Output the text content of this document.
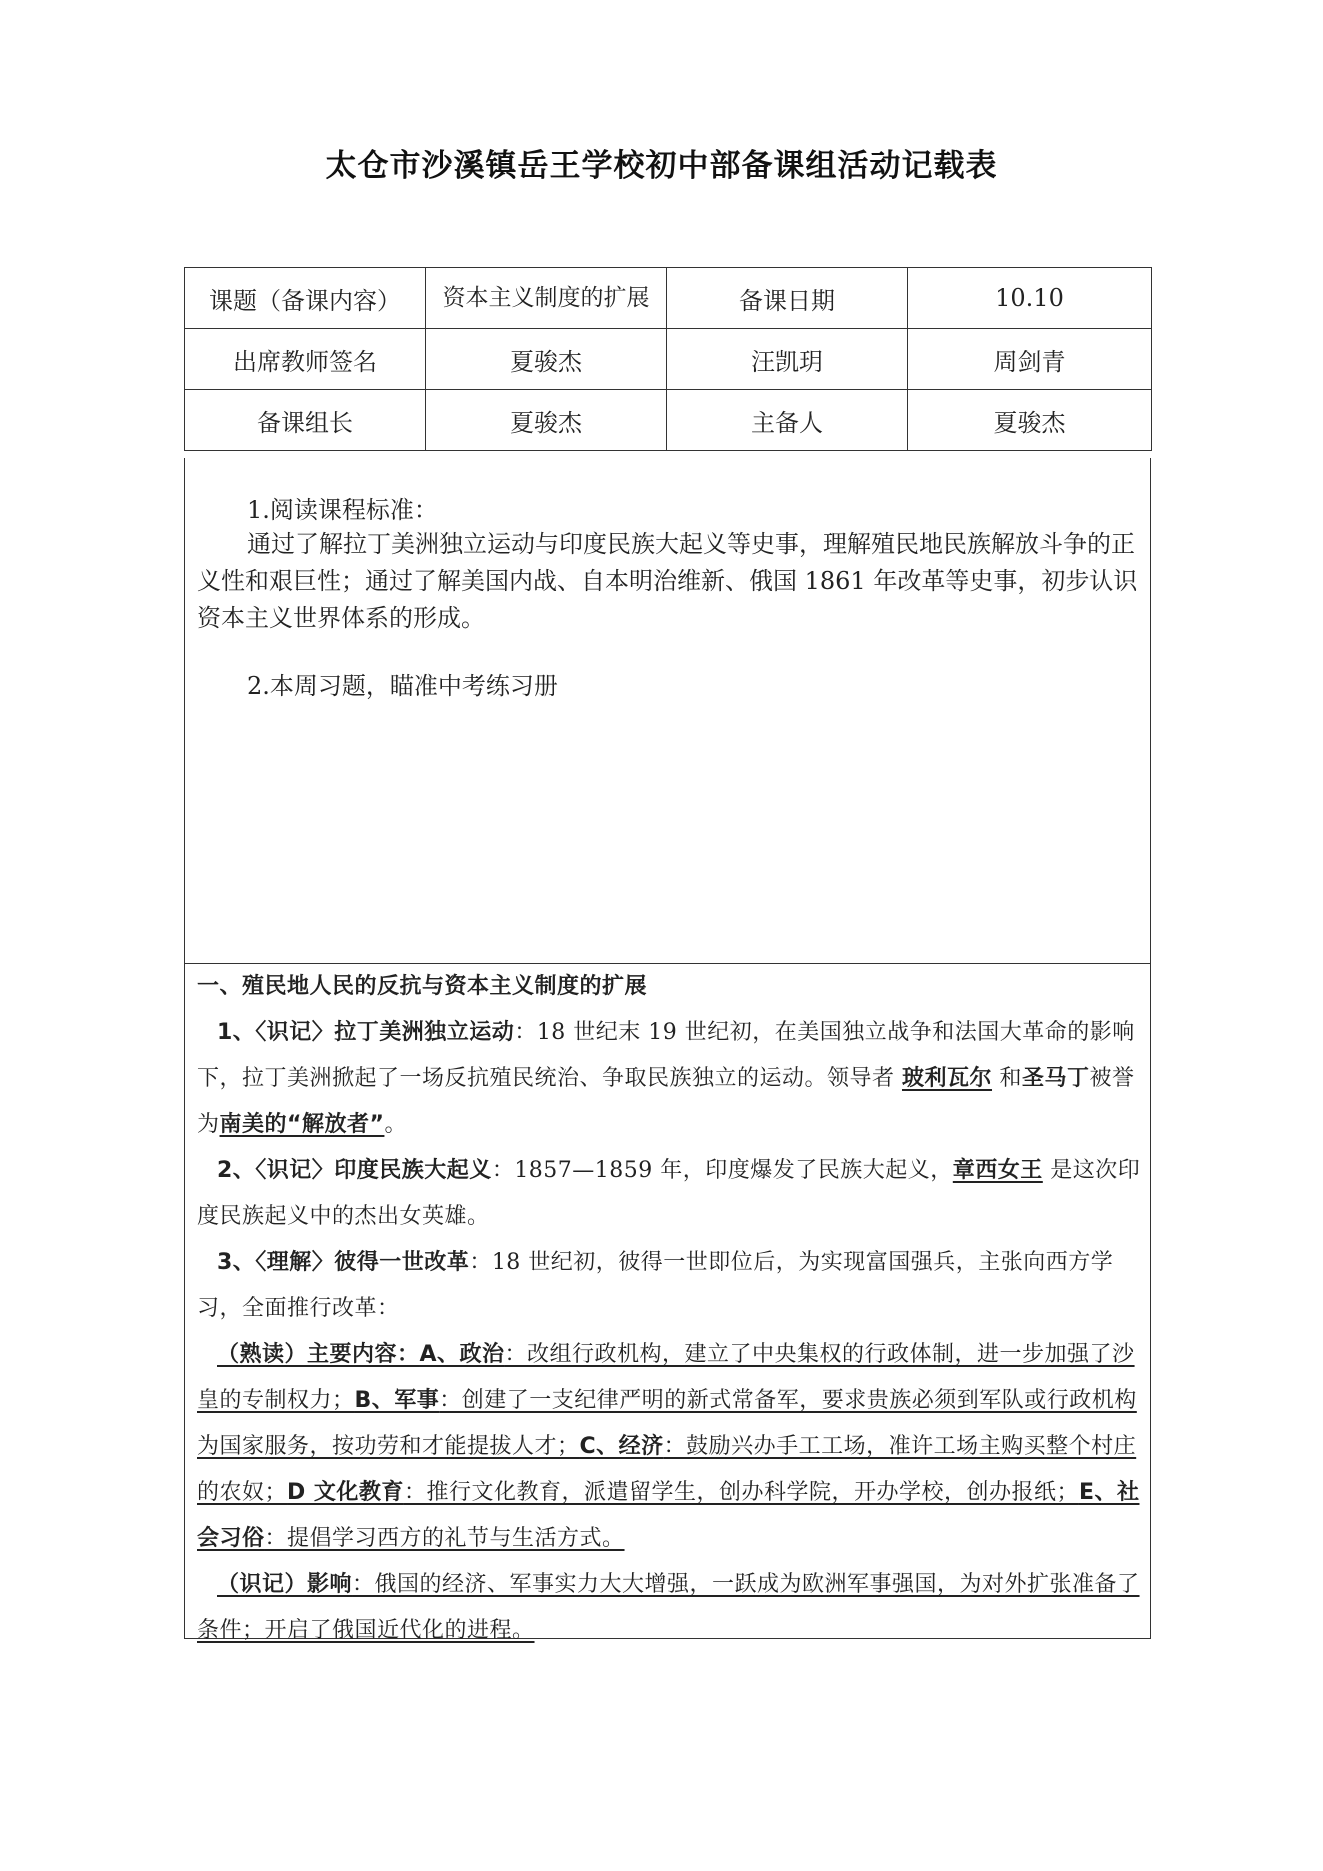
太仓市沙溪镇岳王学校初中部备课组活动记载表
课题（备课内容）	资本主义制度的扩展	备课日期	10.10
出席教师签名	夏骏杰	汪凯玥	周剑青
备课组长	夏骏杰	主备人	夏骏杰
1.阅读课程标准：
通过了解拉丁美洲独立运动与印度民族大起义等史事，理解殖民地民族解放斗争的正义性和艰巨性；通过了解美国内战、自本明治维新、俄国 1861 年改革等史事，初步认识资本主义世界体系的形成。
2.本周习题，瞄准中考练习册
一、殖民地人民的反抗与资本主义制度的扩展
1、〈识记〉拉丁美洲独立运动：18 世纪末 19 世纪初，在美国独立战争和法国大革命的影响下，拉丁美洲掀起了一场反抗殖民统治、争取民族独立的运动。领导者 玻利瓦尔 和圣马丁被誉为南美的“解放者”。
2、〈识记〉印度民族大起义：1857—1859 年，印度爆发了民族大起义，章西女王 是这次印度民族起义中的杰出女英雄。
3、〈理解〉彼得一世改革：18 世纪初，彼得一世即位后，为实现富国强兵，主张向西方学习，全面推行改革：
（熟读）主要内容：A、政治：改组行政机构，建立了中央集权的行政体制，进一步加强了沙皇的专制权力；B、军事：创建了一支纪律严明的新式常备军，要求贵族必须到军队或行政机构为国家服务，按功劳和才能提拔人才；C、经济：鼓励兴办手工工场，准许工场主购买整个村庄的农奴；D 文化教育：推行文化教育，派遣留学生，创办科学院，开办学校，创办报纸；E、社会习俗：提倡学习西方的礼节与生活方式。
（识记）影响：俄国的经济、军事实力大大增强，一跃成为欧洲军事强国，为对外扩张准备了条件；开启了俄国近代化的进程。
